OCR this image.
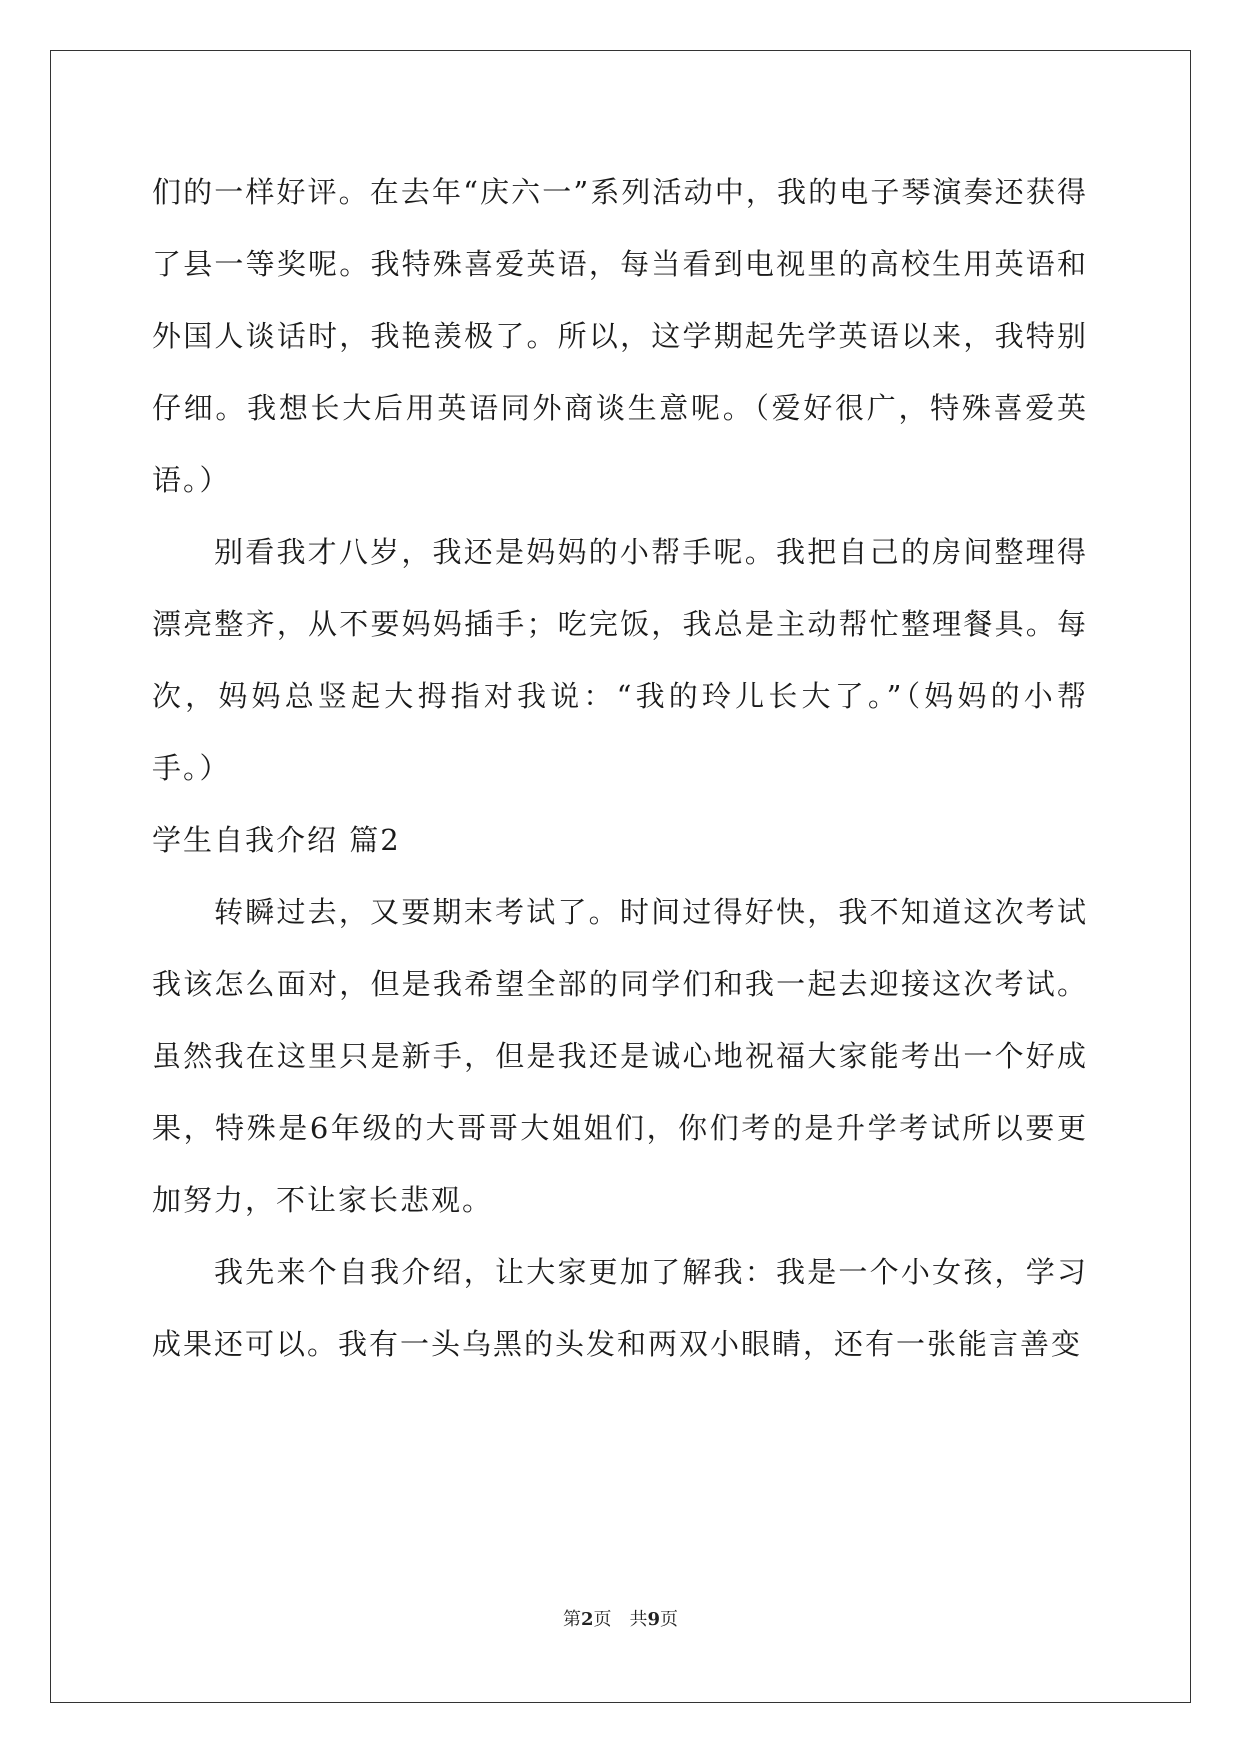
们的一样好评。在去年“庆六一”系列活动中，我的电子琴演奏还获得了县一等奖呢。我特殊喜爱英语，每当看到电视里的高校生用英语和外国人谈话时，我艳羡极了。所以，这学期起先学英语以来，我特别仔细。我想长大后用英语同外商谈生意呢。（爱好很广，特殊喜爱英语。）

别看我才八岁，我还是妈妈的小帮手呢。我把自己的房间整理得漂亮整齐，从不要妈妈插手；吃完饭，我总是主动帮忙整理餐具。每次，妈妈总竖起大拇指对我说：“我的玲儿长大了。”（妈妈的小帮手。）

学生自我介绍 篇2

转瞬过去，又要期末考试了。时间过得好快，我不知道这次考试我该怎么面对，但是我希望全部的同学们和我一起去迎接这次考试。虽然我在这里只是新手，但是我还是诚心地祝福大家能考出一个好成果，特殊是6年级的大哥哥大姐姐们，你们考的是升学考试所以要更加努力，不让家长悲观。

我先来个自我介绍，让大家更加了解我：我是一个小女孩，学习成果还可以。我有一头乌黑的头发和两双小眼睛，还有一张能言善变

第2页 共9页
